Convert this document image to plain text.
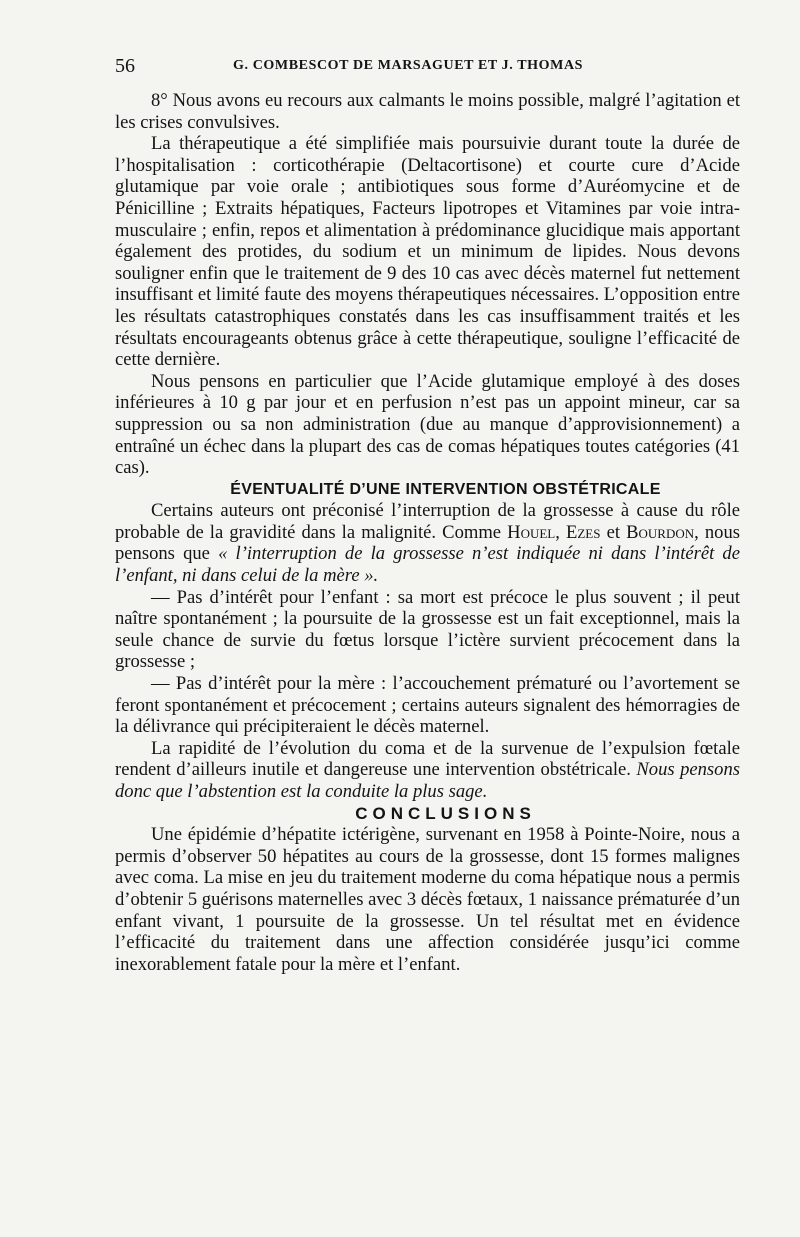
56	G. COMBESCOT DE MARSAGUET ET J. THOMAS

8° Nous avons eu recours aux calmants le moins possible, malgré l’agitation et les crises convulsives.

La thérapeutique a été simplifiée mais poursuivie durant toute la durée de l’hospitalisation : corticothérapie (Deltacortisone) et courte cure d’Acide glutamique par voie orale ; antibiotiques sous forme d’Auréomycine et de Pénicilline ; Extraits hépatiques, Facteurs lipotropes et Vitamines par voie intra-musculaire ; enfin, repos et alimentation à prédominance glucidique mais apportant également des protides, du sodium et un minimum de lipides. Nous devons souligner enfin que le traitement de 9 des 10 cas avec décès maternel fut nettement insuffisant et limité faute des moyens thérapeutiques nécessaires. L’opposition entre les résultats catastrophiques constatés dans les cas insuffisamment traités et les résultats encourageants obtenus grâce à cette thérapeutique, souligne l’efficacité de cette dernière.

Nous pensons en particulier que l’Acide glutamique employé à des doses inférieures à 10 g par jour et en perfusion n’est pas un appoint mineur, car sa suppression ou sa non administration (due au manque d’approvisionnement) a entraîné un échec dans la plupart des cas de comas hépatiques toutes catégories (41 cas).

ÉVENTUALITÉ D’UNE INTERVENTION OBSTÉTRICALE

Certains auteurs ont préconisé l’interruption de la grossesse à cause du rôle probable de la gravidité dans la malignité. Comme Houel, Ezes et Bourdon, nous pensons que « l’interruption de la grossesse n’est indiquée ni dans l’intérêt de l’enfant, ni dans celui de la mère ».

— Pas d’intérêt pour l’enfant : sa mort est précoce le plus souvent ; il peut naître spontanément ; la poursuite de la grossesse est un fait exceptionnel, mais la seule chance de survie du fœtus lorsque l’ictère survient précocement dans la grossesse ;

— Pas d’intérêt pour la mère : l’accouchement prématuré ou l’avortement se feront spontanément et précocement ; certains auteurs signalent des hémorragies de la délivrance qui précipiteraient le décès maternel.

La rapidité de l’évolution du coma et de la survenue de l’expulsion fœtale rendent d’ailleurs inutile et dangereuse une intervention obstétricale. Nous pensons donc que l’abstention est la conduite la plus sage.

CONCLUSIONS

Une épidémie d’hépatite ictérigène, survenant en 1958 à Pointe-Noire, nous a permis d’observer 50 hépatites au cours de la grossesse, dont 15 formes malignes avec coma. La mise en jeu du traitement moderne du coma hépatique nous a permis d’obtenir 5 guérisons maternelles avec 3 décès fœtaux, 1 naissance prématurée d’un enfant vivant, 1 poursuite de la grossesse. Un tel résultat met en évidence l’efficacité du traitement dans une affection considérée jusqu’ici comme inexorablement fatale pour la mère et l’enfant.
